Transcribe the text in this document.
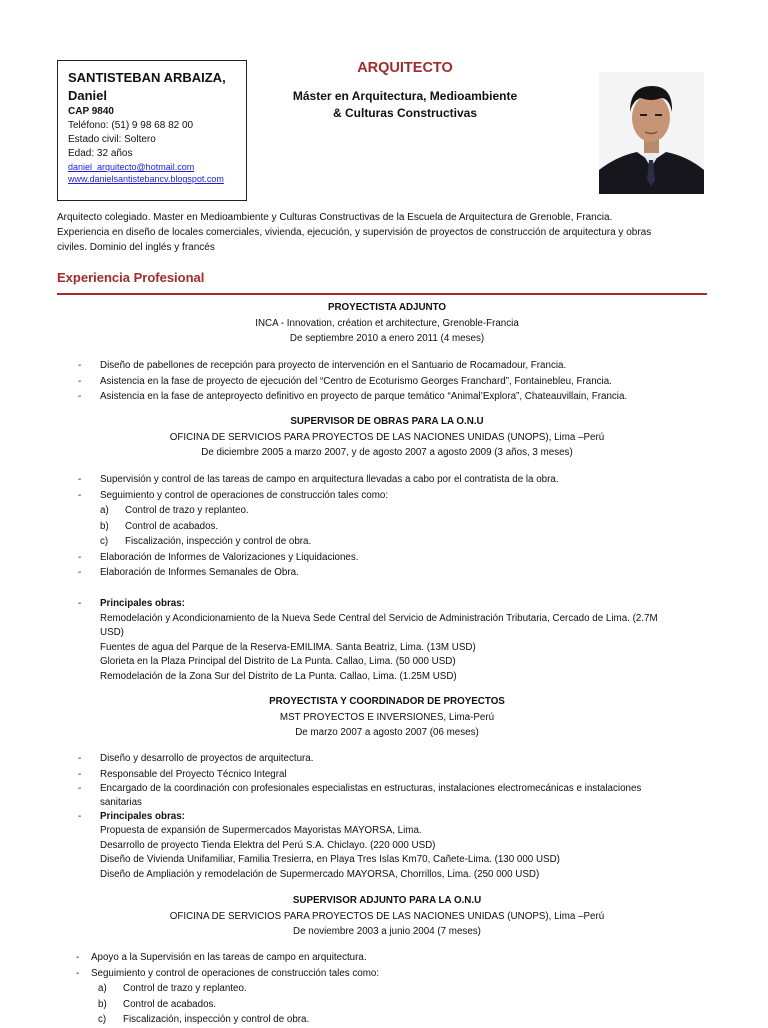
SANTISTEBAN ARBAIZA,

Daniel

CAP 9840
Teléfono: (51) 9 98 68 82 00
Estado civil: Soltero
Edad: 32 años
daniel_arquitecto@hotmail.com
www.danielsantistebancv.blogspot.com
ARQUITECTO
Máster en Arquitectura, Medioambiente
& Culturas Constructivas
Arquitecto colegiado. Master en Medioambiente y Culturas Constructivas de la Escuela de Arquitectura de Grenoble, Francia.
Experiencia en diseño de locales comerciales, vivienda, ejecución, y supervisión de proyectos de construcción de arquitectura y obras
civiles. Dominio del inglés y francés
Experiencia Profesional
PROYECTISTA ADJUNTO
INCA - Innovation, création et architecture, Grenoble-Francia
De septiembre 2010 a enero 2011 (4 meses)
-	Diseño de pabellones de recepción para proyecto de intervención en el Santuario de Rocamadour, Francia.
-	Asistencia en la fase de proyecto de ejecución del “Centro de Ecoturismo Georges Franchard”, Fontainebleu, Francia.
-	Asistencia en la fase de anteproyecto definitivo en proyecto de parque temático “Animal’Explora”, Chateauvillain, Francia.
SUPERVISOR DE OBRAS PARA LA O.N.U
OFICINA DE SERVICIOS PARA PROYECTOS DE LAS NACIONES UNIDAS (UNOPS), Lima –Perú
De diciembre 2005 a marzo 2007, y de agosto 2007 a agosto 2009 (3 años, 3 meses)
-	Supervisión y control de las tareas de campo en arquitectura llevadas a cabo por el contratista de la obra.
-	Seguimiento y control de operaciones de construcción tales como:
a)	Control de trazo y replanteo.
b)	Control de acabados.
c)	Fiscalización, inspección y control de obra.
-	Elaboración de Informes de Valorizaciones y Liquidaciones.
-	Elaboración de Informes Semanales de Obra.
-	Principales obras:
Remodelación y Acondicionamiento de la Nueva Sede Central del Servicio de Administración Tributaria, Cercado de Lima. (2.7M
USD)
Fuentes de agua del Parque de la Reserva-EMILIMA. Santa Beatriz, Lima. (13M USD)
Glorieta en la Plaza Principal del Distrito de La Punta. Callao, Lima. (50 000 USD)
Remodelación de la Zona Sur del Distrito de La Punta. Callao, Lima. (1.25M USD)
PROYECTISTA Y COORDINADOR DE PROYECTOS
MST PROYECTOS E INVERSIONES, Lima-Perú
De marzo 2007 a agosto 2007 (06 meses)
-	Diseño y desarrollo de proyectos de arquitectura.
-	Responsable del Proyecto Técnico Integral
-	Encargado de la coordinación con profesionales especialistas en estructuras, instalaciones electromecánicas e instalaciones
sanitarias
-	Principales obras:
Propuesta de expansión de Supermercados Mayoristas MAYORSA, Lima.
Desarrollo de proyecto Tienda Elektra del Perú S.A. Chiclayo. (220 000 USD)
Diseño de Vivienda Unifamiliar, Familia Tresierra, en Playa Tres Islas Km70, Cañete-Lima. (130 000 USD)
Diseño de Ampliación y remodelación de Supermercado MAYORSA, Chorrillos, Lima. (250 000 USD)
SUPERVISOR ADJUNTO PARA LA O.N.U
OFICINA DE SERVICIOS PARA PROYECTOS DE LAS NACIONES UNIDAS (UNOPS), Lima –Perú
De noviembre 2003 a junio 2004 (7 meses)
-	Apoyo a la Supervisión en las tareas de campo en arquitectura.
-	Seguimiento y control de operaciones de construcción tales como:
a)	Control de trazo y replanteo.
b)	Control de acabados.
c)	Fiscalización, inspección y control de obra.
